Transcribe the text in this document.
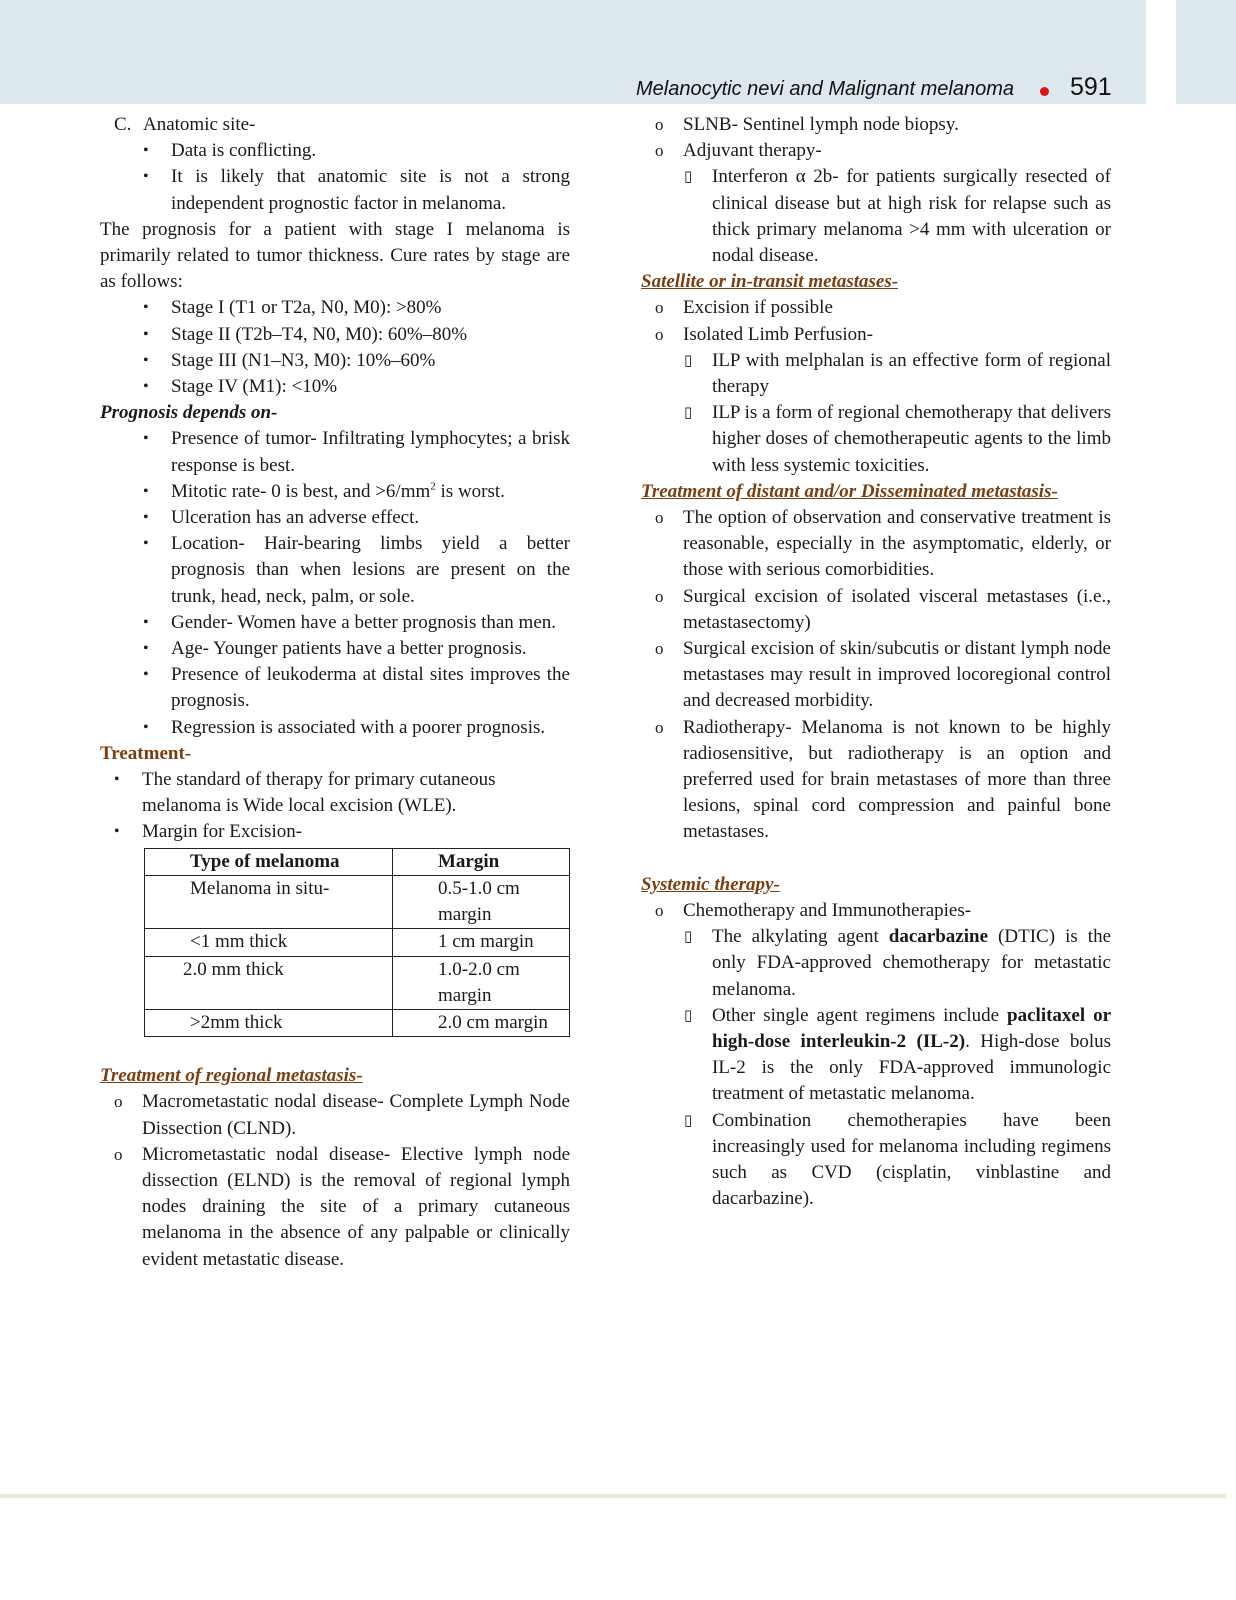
Melanocytic nevi and Malignant melanoma 591
C. Anatomic site-
• Data is conflicting.
• It is likely that anatomic site is not a strong independent prognostic factor in melanoma.

The prognosis for a patient with stage I melanoma is primarily related to tumor thickness. Cure rates by stage are as follows:

• Stage I (T1 or T2a, N0, M0): >80%
• Stage II (T2b–T4, N0, M0): 60%–80%
• Stage III (N1–N3, M0): 10%–60%
• Stage IV (M1): <10%
Prognosis depends on-
• Presence of tumor- Infiltrating lymphocytes; a brisk response is best.
• Mitotic rate- 0 is best, and $>6/mm^2$ is worst.
• Ulceration has an adverse effect.
• Location- Hair-bearing limbs yield a better prognosis than when lesions are present on the trunk, head, neck, palm, or sole.
• Gender- Women have a better prognosis than men.
• Age- Younger patients have a better prognosis.
• Presence of leukoderma at distal sites improves the prognosis.
• Regression is associated with a poorer prognosis.
Treatment-
• The standard of therapy for primary cutaneous melanoma is Wide local excision (WLE).
• Margin for Excision-
Type of melanoma	Margin
Melanoma in situ-	0.5-1.0 cm margin
<1 mm thick	1 cm margin
2.0 mm thick	1.0-2.0 cm margin
>2mm thick	2.0 cm margin
Treatment of regional metastasis-
o Macrometastatic nodal disease- Complete Lymph Node Dissection (CLND).
o Micrometastatic nodal disease- Elective lymph node dissection (ELND) is the removal of regional lymph nodes draining the site of a primary cutaneous melanoma in the absence of any palpable or clinically evident metastatic disease.
o SLNB- Sentinel lymph node biopsy.
o Adjuvant therapy-
▯ Interferon α 2b- for patients surgically resected of clinical disease but at high risk for relapse such as thick primary melanoma >4 mm with ulceration or nodal disease.
Satellite or in-transit metastases-
o Excision if possible
o Isolated Limb Perfusion-
▯ ILP with melphalan is an effective form of regional therapy
▯ ILP is a form of regional chemotherapy that delivers higher doses of chemotherapeutic agents to the limb with less systemic toxicities.
Treatment of distant and/or Disseminated metastasis-
o The option of observation and conservative treatment is reasonable, especially in the asymptomatic, elderly, or those with serious comorbidities.
o Surgical excision of isolated visceral metastases (i.e., metastasectomy)
o Surgical excision of skin/subcutis or distant lymph node metastases may result in improved locoregional control and decreased morbidity.
o Radiotherapy- Melanoma is not known to be highly radiosensitive, but radiotherapy is an option and preferred used for brain metastases of more than three lesions, spinal cord compression and painful bone metastases.
Systemic therapy-
o Chemotherapy and Immunotherapies-
▯ The alkylating agent dacarbazine (DTIC) is the only FDA-approved chemotherapy for metastatic melanoma.
▯ Other single agent regimens include paclitaxel or high-dose interleukin-2 (IL-2). High-dose bolus IL-2 is the only FDA-approved immunologic treatment of metastatic melanoma.
▯ Combination chemotherapies have been increasingly used for melanoma including regimens such as CVD (cisplatin, vinblastine and dacarbazine).
